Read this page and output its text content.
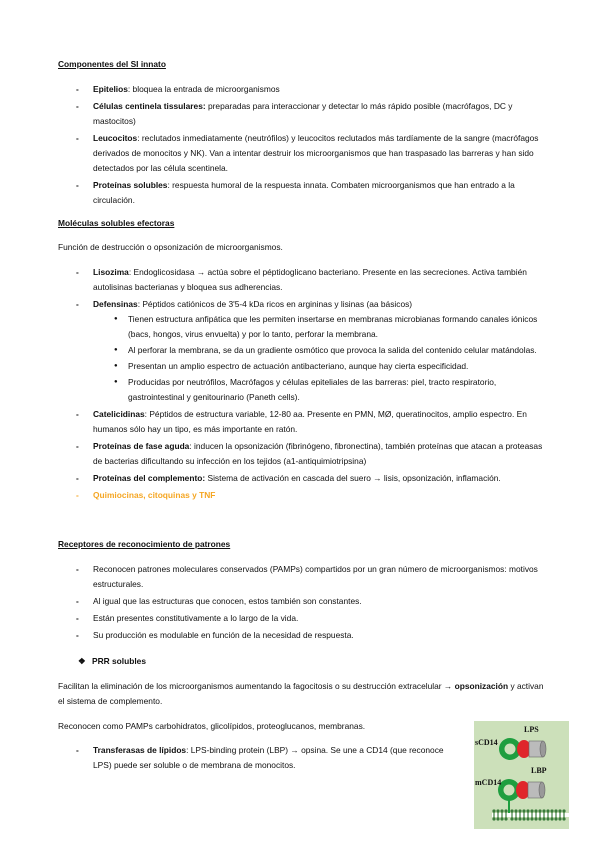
Componentes del SI innato
- Epitelios: bloquea la entrada de microorganismos
- Células centinela tissulares: preparadas para interaccionar y detectar lo más rápido posible (macrófagos, DC y mastocitos)
- Leucocitos: reclutados inmediatamente (neutrófilos) y leucocitos reclutados más tardíamente de la sangre (macrófagos derivados de monocitos y NK). Van a intentar destruir los microorganismos que han traspasado las barreras y han sido detectados por las célula scentinela.
- Proteínas solubles: respuesta humoral de la respuesta innata. Combaten microorganismos que han entrado a la circulación.
Moléculas solubles efectoras
Función de destrucción o opsonización de microorganismos.
- Lisozima: Endoglicosidasa → actúa sobre el péptidoglicano bacteriano. Presente en las secreciones. Activa también autolisinas bacterianas y bloquea sus adherencias.
- Defensinas: Péptidos catiónicos de 3'5-4 kDa ricos en argininas y lisinas (aa básicos)
● Tienen estructura anfipática que les permiten insertarse en membranas microbianas formando canales iónicos (bacs, hongos, virus envuelta) y por lo tanto, perforar la membrana.
● Al perforar la membrana, se da un gradiente osmótico que provoca la salida del contenido celular matándolas.
● Presentan un amplio espectro de actuación antibacteriano, aunque hay cierta especificidad.
● Producidas por neutrófilos, Macrófagos y células epiteliales de las barreras: piel, tracto respiratorio, gastrointestinal y genitourinario (Paneth cells).
- Catelicidinas: Péptidos de estructura variable, 12-80 aa. Presente en PMN, MØ, queratinocitos, amplio espectro. En humanos sólo hay un tipo, es más importante en ratón.
- Proteínas de fase aguda: inducen la opsonización (fibrinógeno, fibronectina), también proteínas que atacan a proteasas de bacterias dificultando su infección en los tejidos (a1-antiquimiotripsina)
- Proteínas del complemento: Sistema de activación en cascada del suero → lisis, opsonización, inflamación.
- Quimiocinas, citoquinas y TNF
Receptores de reconocimiento de patrones
- Reconocen patrones moleculares conservados (PAMPs) compartidos por un gran número de microorganismos: motivos estructurales.
- Al igual que las estructuras que conocen, estos también son constantes.
- Están presentes constitutivamente a lo largo de la vida.
- Su producción es modulable en función de la necesidad de respuesta.
❖ PRR solubles
Facilitan la eliminación de los microorganismos aumentando la fagocitosis o su destrucción extracelular → opsonización y activan el sistema de complemento.
Reconocen como PAMPs carbohidratos, glicolípidos, proteoglucanos, membranas.
- Transferasas de lípidos: LPS-binding protein (LBP) → opsina. Se une a CD14 (que reconoce LPS) puede ser soluble o de membrana de monocitos.
LPS
sCD14
LBP
mCD14
